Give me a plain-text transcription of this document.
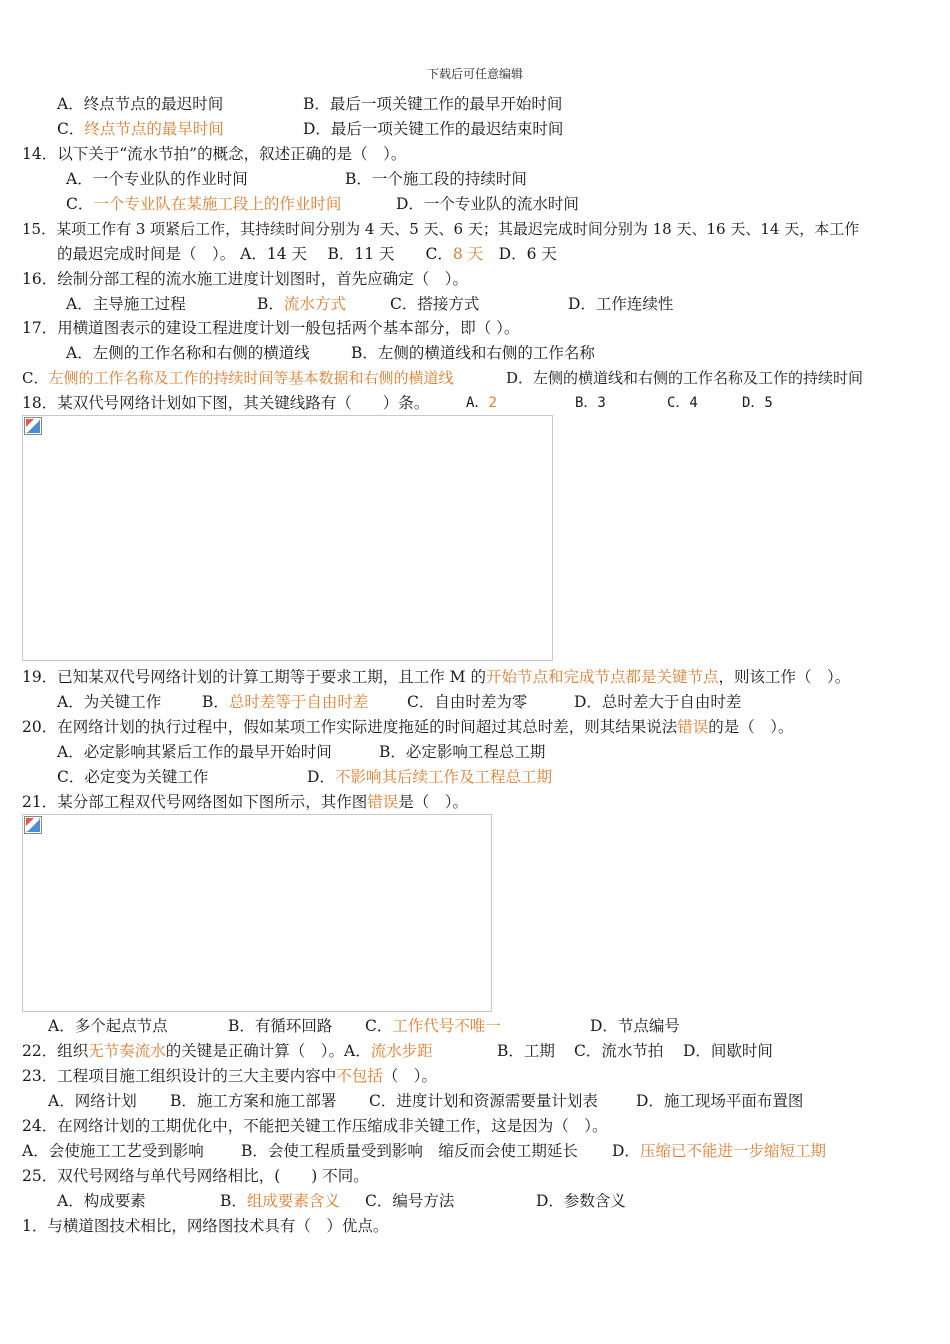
下载后可任意编辑
A．终点节点的最迟时间	B．最后一项关键工作的最早开始时间
C．终点节点的最早时间	D．最后一项关键工作的最迟结束时间
14．以下关于“流水节拍”的概念，叙述正确的是（　）。
A．一个专业队的作业时间	B．一个施工段的持续时间
C．一个专业队在某施工段上的作业时间	D．一个专业队的流水时间
15．某项工作有 3 项紧后工作，其持续时间分别为 4 天、5 天、6 天；其最迟完成时间分别为 18 天、16 天、14 天，本工作
的最迟完成时间是（　）。 A．14 天　 B．11 天　　C．8 天　 D．6 天
16．绘制分部工程的流水施工进度计划图时，首先应确定（　）。
A．主导施工过程	B．流水方式	C．搭接方式	D．工作连续性
17．用横道图表示的建设工程进度计划一般包括两个基本部分，即（ ）。
A．左侧的工作名称和右侧的横道线	B．左侧的横道线和右侧的工作名称
C．左侧的工作名称及工作的持续时间等基本数据和右侧的横道线	D．左侧的横道线和右侧的工作名称及工作的持续时间
18．某双代号网络计划如下图，其关键线路有（　　）条。	A．2	B．3	C．4	D．5
19．已知某双代号网络计划的计算工期等于要求工期，且工作 M 的开始节点和完成节点都是关键节点，则该工作（　）。
A．为关键工作	B．总时差等于自由时差 C．自由时差为零	D．总时差大于自由时差
20．在网络计划的执行过程中，假如某项工作实际进度拖延的时间超过其总时差，则其结果说法错误的是（　）。
A．必定影响其紧后工作的最早开始时间	B．必定影响工程总工期
C．必定变为关键工作	D．不影响其后续工作及工程总工期
21．某分部工程双代号网络图如下图所示，其作图错误是（　）。
A．多个起点节点	B．有循环回路 C．工作代号不唯一	D．节点编号
22．组织无节奏流水的关键是正确计算（　）。A．流水步距	B．工期 C．流水节拍 D．间歇时间
23．工程项目施工组织设计的三大主要内容中不包括（　）。
A．网络计划 B．施工方案和施工部署 C．进度计划和资源需要量计划表 D．施工现场平面布置图
24．在网络计划的工期优化中，不能把关键工作压缩成非关键工作，这是因为（　）。
A．会使施工工艺受到影响 B．会使工程质量受到影响　缩反而会使工期延长 D．压缩已不能进一步缩短工期
25．双代号网络与单代号网络相比，(　　) 不同。
A．构成要素	B．组成要素含义 C．编号方法	D．参数含义
1．与横道图技术相比，网络图技术具有（　）优点。
